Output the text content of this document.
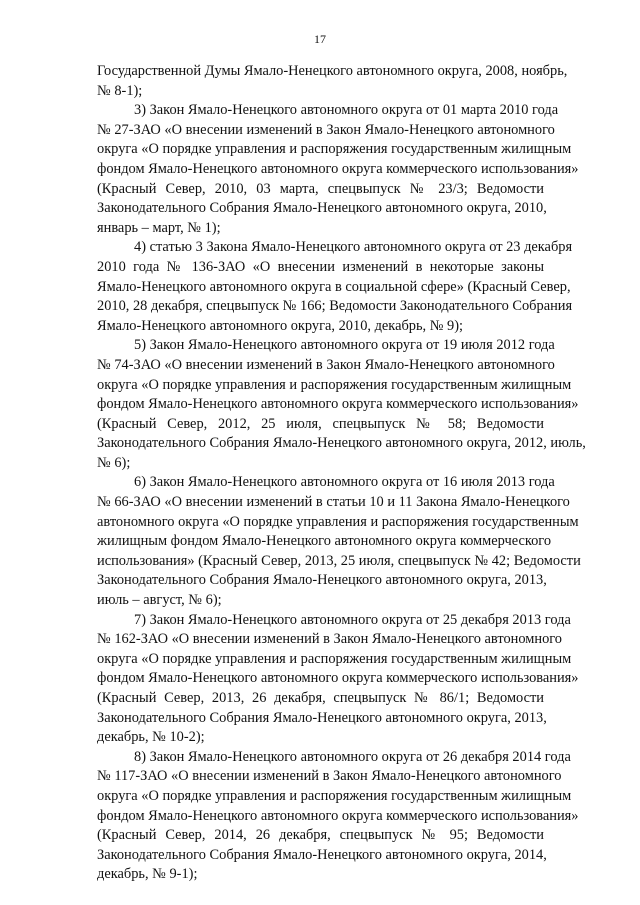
17
Государственной Думы Ямало-Ненецкого автономного округа, 2008, ноябрь,
№ 8-1);
3) Закон Ямало-Ненецкого автономного округа от 01 марта 2010 года
№ 27-ЗАО «О внесении изменений в Закон Ямало-Ненецкого автономного
округа «О порядке управления и распоряжения государственным жилищным
фондом Ямало-Ненецкого автономного округа коммерческого использования»
(Красный Север, 2010, 03 марта, спецвыпуск № 23/3; Ведомости
Законодательного Собрания Ямало-Ненецкого автономного округа, 2010,
январь – март, № 1);
4) статью 3 Закона Ямало-Ненецкого автономного округа от 23 декабря
2010 года № 136-ЗАО «О внесении изменений в некоторые законы
Ямало-Ненецкого автономного округа в социальной сфере» (Красный Север,
2010, 28 декабря, спецвыпуск № 166; Ведомости Законодательного Собрания
Ямало-Ненецкого автономного округа, 2010, декабрь, № 9);
5) Закон Ямало-Ненецкого автономного округа от 19 июля 2012 года
№ 74-ЗАО «О внесении изменений в Закон Ямало-Ненецкого автономного
округа «О порядке управления и распоряжения государственным жилищным
фондом Ямало-Ненецкого автономного округа коммерческого использования»
(Красный Север, 2012, 25 июля, спецвыпуск № 58; Ведомости
Законодательного Собрания Ямало-Ненецкого автономного округа, 2012, июль,
№ 6);
6) Закон Ямало-Ненецкого автономного округа от 16 июля 2013 года
№ 66-ЗАО «О внесении изменений в статьи 10 и 11 Закона Ямало-Ненецкого
автономного округа «О порядке управления и распоряжения государственным
жилищным фондом Ямало-Ненецкого автономного округа коммерческого
использования» (Красный Север, 2013, 25 июля, спецвыпуск № 42; Ведомости
Законодательного Собрания Ямало-Ненецкого автономного округа, 2013,
июль – август, № 6);
7) Закон Ямало-Ненецкого автономного округа от 25 декабря 2013 года
№ 162-ЗАО «О внесении изменений в Закон Ямало-Ненецкого автономного
округа «О порядке управления и распоряжения государственным жилищным
фондом Ямало-Ненецкого автономного округа коммерческого использования»
(Красный Север, 2013, 26 декабря, спецвыпуск № 86/1; Ведомости
Законодательного Собрания Ямало-Ненецкого автономного округа, 2013,
декабрь, № 10-2);
8) Закон Ямало-Ненецкого автономного округа от 26 декабря 2014 года
№ 117-ЗАО «О внесении изменений в Закон Ямало-Ненецкого автономного
округа «О порядке управления и распоряжения государственным жилищным
фондом Ямало-Ненецкого автономного округа коммерческого использования»
(Красный Север, 2014, 26 декабря, спецвыпуск № 95; Ведомости
Законодательного Собрания Ямало-Ненецкого автономного округа, 2014,
декабрь, № 9-1);
